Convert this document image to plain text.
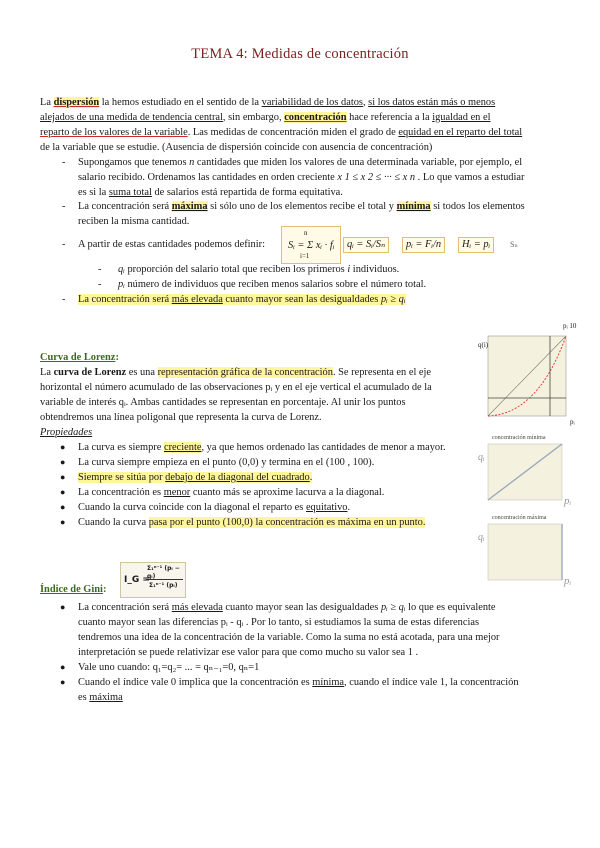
TEMA 4: Medidas de concentración
La dispersión la hemos estudiado en el sentido de la variabilidad de los datos, si los datos están más o menos
alejados de una medida de tendencia central, sin embargo, concentración hace referencia a la igualdad en el
reparto de los valores de la variable. Las medidas de concentración miden el grado de equidad en el reparto del total
de la variable que se estudie. (Ausencia de dispersión coincide con ausencia de concentración)
- Supongamos que tenemos n cantidades que miden los valores de una determinada variable, por ejemplo, el
salario recibido. Ordenamos las cantidades en orden creciente x 1 ≤ x 2 ≤ ··· ≤ x n . Lo que vamos a estudiar
es si la suma total de salarios está repartida de forma equitativa.
- La concentración será máxima si sólo uno de los elementos recibe el total y mínima si todos los elementos
reciben la misma cantidad.
- A partir de estas cantidades podemos definir:	Sᵢ = Σ xᵢ · fᵢ
n
i=1
qᵢ = Sᵢ/Sₙ	pᵢ = Fᵢ/n	Hᵢ = pᵢ	Sₙ
- qᵢ proporción del salario total que reciben los primeros i individuos.
- pᵢ número de individuos que reciben menos salarios sobre el número total.
- La concentración será más elevada cuanto mayor sean las desigualdades pᵢ ≥ qᵢ
Curva de Lorenz:
La curva de Lorenz es una representación gráfica de la concentración. Se representa en el eje
horizontal el número acumulado de las observaciones pᵢ y en el eje vertical el acumulado de la
variable de interés qᵢ. Ambas cantidades se representan en porcentaje. Al unir los puntos
obtendremos una línea poligonal que representa la curva de Lorenz.
Propiedades
● La curva es siempre creciente, ya que hemos ordenado las cantidades de menor a mayor.
● La curva siempre empieza en el punto (0,0) y termina en el (100 , 100).
● Siempre se sitúa por debajo de la diagonal del cuadrado.
● La concentración es menor cuanto más se aproxime lacurva a la diagonal.
● Cuando la curva coincide con la diagonal el reparto es equitativo.
● Cuando la curva pasa por el punto (100,0) la concentración es máxima en un punto.
pᵢ 10
q(i)
pᵢ
concentración mínima
qᵢ
pᵢ
concentración máxima
qᵢ
pᵢ
Índice de Gini:
I_G =
Σ₁ⁿ⁻¹ (pᵢ − qᵢ)
Σ₁ⁿ⁻¹ (pᵢ)
● La concentración será más elevada cuanto mayor sean las desigualdades pᵢ ≥ qᵢ lo que es equivalente
cuanto mayor sean las diferencias pᵢ - qᵢ . Por lo tanto, si estudiamos la suma de estas diferencias
tendremos una idea de la concentración de la variable. Como la suma no está acotada, para una mejor
interpretación se puede relativizar ese valor para que como mucho su valor sea 1 .
● Vale uno cuando: q₁=q₂= ... = qₙ₋₁=0, qₙ=1
● Cuando el índice vale 0 implica que la concentración es mínima, cuando el índice vale 1, la concentración
es máxima
